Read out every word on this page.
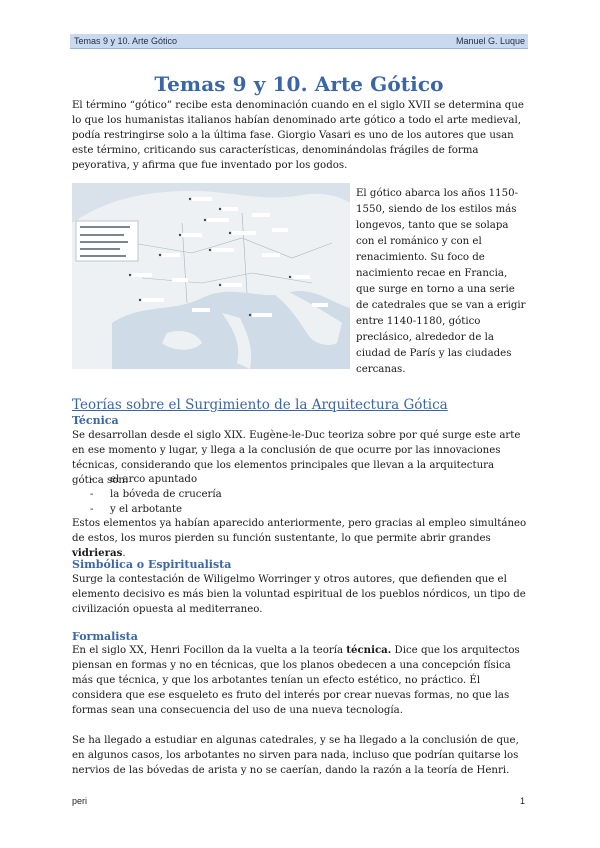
Temas 9 y 10. Arte Gótico	Manuel G. Luque
Temas 9 y 10. Arte Gótico

El término “gótico” recibe esta denominación cuando en el siglo XVII se determina que lo que los humanistas italianos habían denominado arte gótico a todo el arte medieval, podía restringirse solo a la última fase. Giorgio Vasari es uno de los autores que usan este término, criticando sus características, denominándolas frágiles de forma peyorativa, y afirma que fue inventado por los godos.

El gótico abarca los años 1150-1550, siendo de los estilos más longevos, tanto que se solapa con el románico y con el renacimiento. Su foco de nacimiento recae en Francia, que surge en torno a una serie de catedrales que se van a erigir entre 1140-1180, gótico preclásico, alrededor de la ciudad de París y las ciudades cercanas.

Teorías sobre el Surgimiento de la Arquitectura Gótica
Técnica

Se desarrollan desde el siglo XIX. Eugène-le-Duc teoriza sobre por qué surge este arte en ese momento y lugar, y llega a la conclusión de que ocurre por las innovaciones técnicas, considerando que los elementos principales que llevan a la arquitectura gótica son:

- el arco apuntado
- la bóveda de crucería
- y el arbotante

Estos elementos ya habían aparecido anteriormente, pero gracias al empleo simultáneo de estos, los muros pierden su función sustentante, lo que permite abrir grandes vidrieras.

Simbólica o Espiritualista

Surge la contestación de Wiligelmo Worringer y otros autores, que defienden que el elemento decisivo es más bien la voluntad espiritual de los pueblos nórdicos, un tipo de civilización opuesta al mediterraneo.

Formalista

En el siglo XX, Henri Focillon da la vuelta a la teoría técnica. Dice que los arquitectos piensan en formas y no en técnicas, que los planos obedecen a una concepción física más que técnica, y que los arbotantes tenían un efecto estético, no práctico. Él considera que ese esqueleto es fruto del interés por crear nuevas formas, no que las formas sean una consecuencia del uso de una nueva tecnología.

Se ha llegado a estudiar en algunas catedrales, y se ha llegado a la conclusión de que, en algunos casos, los arbotantes no sirven para nada, incluso que podrían quitarse los nervios de las bóvedas de arista y no se caerían, dando la razón a la teoría de Henri.

peri	1
